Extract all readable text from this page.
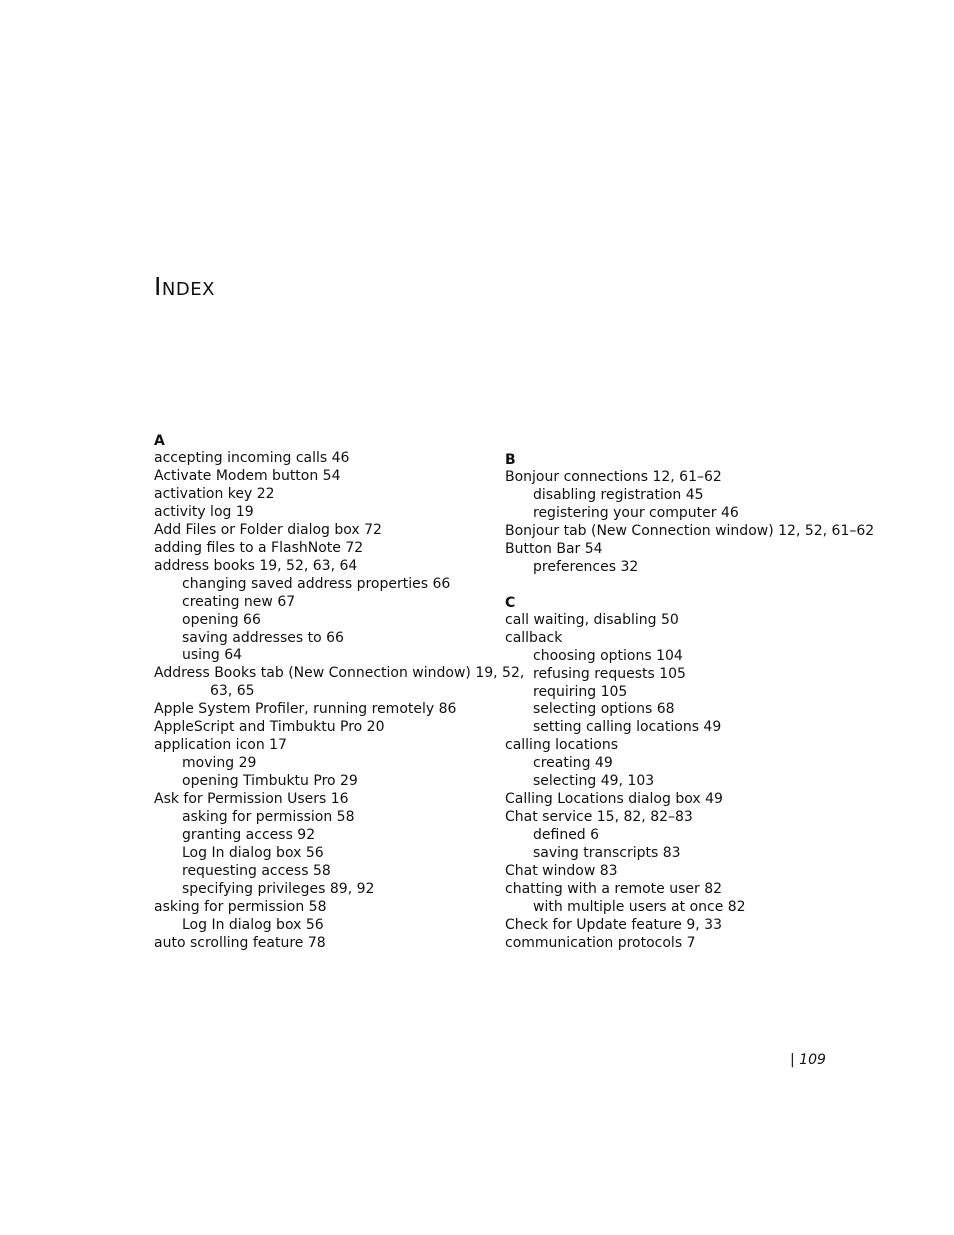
Index
A
accepting incoming calls 46
Activate Modem button 54
activation key 22
activity log 19
Add Files or Folder dialog box 72
adding files to a FlashNote 72
address books 19, 52, 63, 64
changing saved address properties 66
creating new 67
opening 66
saving addresses to 66
using 64
Address Books tab (New Connection window) 19, 52, 63, 65
Apple System Profiler, running remotely 86
AppleScript and Timbuktu Pro 20
application icon 17
moving 29
opening Timbuktu Pro 29
Ask for Permission Users 16
asking for permission 58
granting access 92
Log In dialog box 56
requesting access 58
specifying privileges 89, 92
asking for permission 58
Log In dialog box 56
auto scrolling feature 78
B
Bonjour connections 12, 61–62
disabling registration 45
registering your computer 46
Bonjour tab (New Connection window) 12, 52, 61–62
Button Bar 54
preferences 32
C
call waiting, disabling 50
callback
choosing options 104
refusing requests 105
requiring 105
selecting options 68
setting calling locations 49
calling locations
creating 49
selecting 49, 103
Calling Locations dialog box 49
Chat service 15, 82, 82–83
defined 6
saving transcripts 83
Chat window 83
chatting with a remote user 82
with multiple users at once 82
Check for Update feature 9, 33
communication protocols 7
| 109
